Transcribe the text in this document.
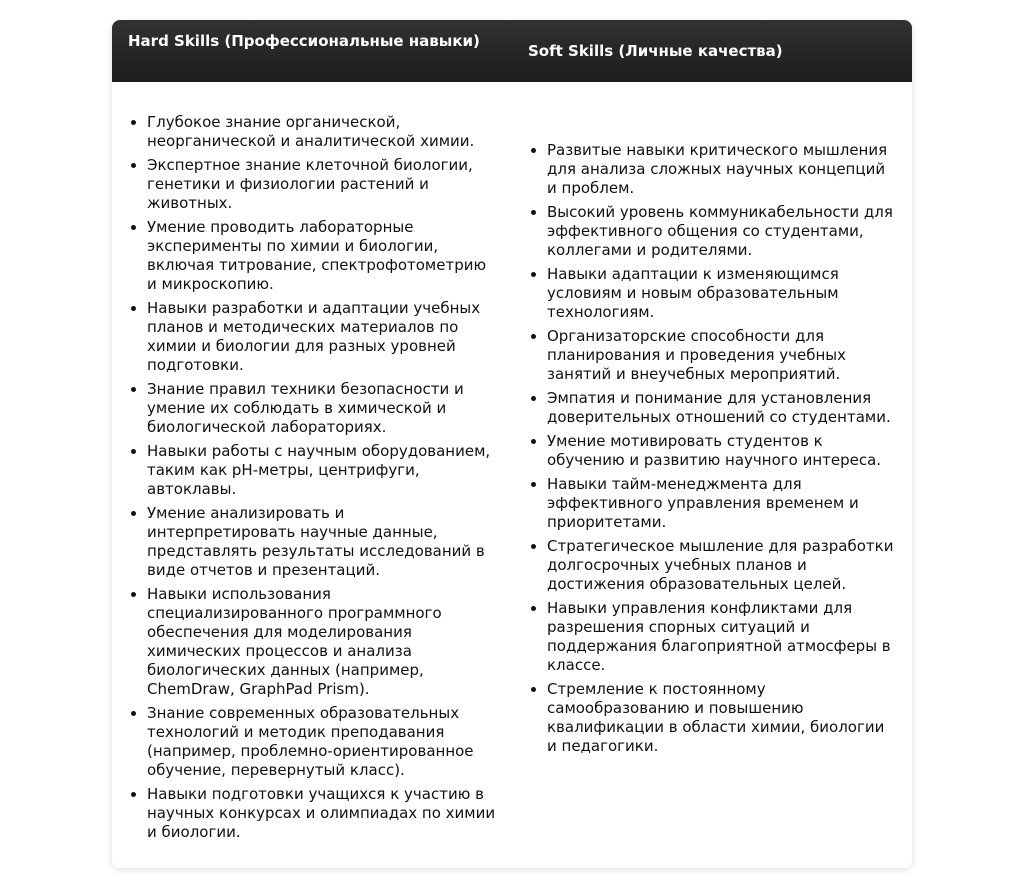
Hard Skills (Профессиональные навыки)
Soft Skills (Личные качества)
• Глубокое знание органической, неорганической и аналитической химии.
• Экспертное знание клеточной биологии, генетики и физиологии растений и животных.
• Умение проводить лабораторные эксперименты по химии и биологии, включая титрование, спектрофотометрию и микроскопию.
• Навыки разработки и адаптации учебных планов и методических материалов по химии и биологии для разных уровней подготовки.
• Знание правил техники безопасности и умение их соблюдать в химической и биологической лабораториях.
• Навыки работы с научным оборудованием, таким как pH-метры, центрифуги, автоклавы.
• Умение анализировать и интерпретировать научные данные, представлять результаты исследований в виде отчетов и презентаций.
• Навыки использования специализированного программного обеспечения для моделирования химических процессов и анализа биологических данных (например, ChemDraw, GraphPad Prism).
• Знание современных образовательных технологий и методик преподавания (например, проблемно-ориентированное обучение, перевернутый класс).
• Навыки подготовки учащихся к участию в научных конкурсах и олимпиадах по химии и биологии.
• Развитые навыки критического мышления для анализа сложных научных концепций и проблем.
• Высокий уровень коммуникабельности для эффективного общения со студентами, коллегами и родителями.
• Навыки адаптации к изменяющимся условиям и новым образовательным технологиям.
• Организаторские способности для планирования и проведения учебных занятий и внеучебных мероприятий.
• Эмпатия и понимание для установления доверительных отношений со студентами.
• Умение мотивировать студентов к обучению и развитию научного интереса.
• Навыки тайм-менеджмента для эффективного управления временем и приоритетами.
• Стратегическое мышление для разработки долгосрочных учебных планов и достижения образовательных целей.
• Навыки управления конфликтами для разрешения спорных ситуаций и поддержания благоприятной атмосферы в классе.
• Стремление к постоянному самообразованию и повышению квалификации в области химии, биологии и педагогики.
